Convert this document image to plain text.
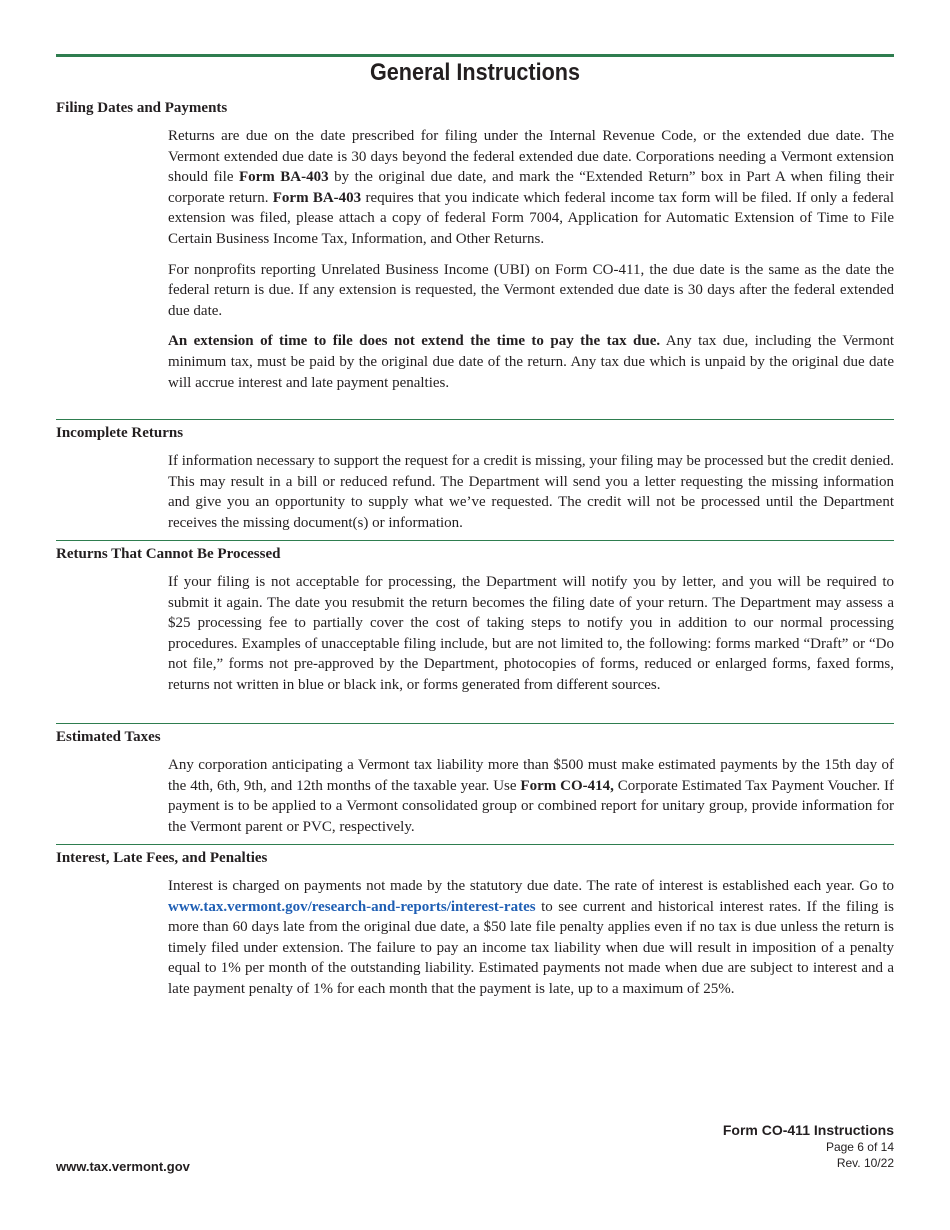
General Instructions
Filing Dates and Payments

Returns are due on the date prescribed for filing under the Internal Revenue Code, or the extended due date. The Vermont extended due date is 30 days beyond the federal extended due date. Corporations needing a Vermont extension should file Form BA-403 by the original due date, and mark the “Extended Return” box in Part A when filing their corporate return. Form BA-403 requires that you indicate which federal income tax form will be filed. If only a federal extension was filed, please attach a copy of federal Form 7004, Application for Automatic Extension of Time to File Certain Business Income Tax, Information, and Other Returns.

For nonprofits reporting Unrelated Business Income (UBI) on Form CO-411, the due date is the same as the date the federal return is due. If any extension is requested, the Vermont extended due date is 30 days after the federal extended due date.

An extension of time to file does not extend the time to pay the tax due. Any tax due, including the Vermont minimum tax, must be paid by the original due date of the return. Any tax due which is unpaid by the original due date will accrue interest and late payment penalties.

Incomplete Returns

If information necessary to support the request for a credit is missing, your filing may be processed but the credit denied. This may result in a bill or reduced refund. The Department will send you a letter requesting the missing information and give you an opportunity to supply what we’ve requested. The credit will not be processed until the Department receives the missing document(s) or information.

Returns That Cannot Be Processed

If your filing is not acceptable for processing, the Department will notify you by letter, and you will be required to submit it again. The date you resubmit the return becomes the filing date of your return. The Department may assess a $25 processing fee to partially cover the cost of taking steps to notify you in addition to our normal processing procedures. Examples of unacceptable filing include, but are not limited to, the following: forms marked “Draft” or “Do not file,” forms not pre-approved by the Department, photocopies of forms, reduced or enlarged forms, faxed forms, returns not written in blue or black ink, or forms generated from different sources.

Estimated Taxes

Any corporation anticipating a Vermont tax liability more than $500 must make estimated payments by the 15th day of the 4th, 6th, 9th, and 12th months of the taxable year. Use Form CO-414, Corporate Estimated Tax Payment Voucher. If payment is to be applied to a Vermont consolidated group or combined report for unitary group, provide information for the Vermont parent or PVC, respectively.

Interest, Late Fees, and Penalties

Interest is charged on payments not made by the statutory due date. The rate of interest is established each year. Go to www.tax.vermont.gov/research-and-reports/interest-rates to see current and historical interest rates. If the filing is more than 60 days late from the original due date, a $50 late file penalty applies even if no tax is due unless the return is timely filed under extension. The failure to pay an income tax liability when due will result in imposition of a penalty equal to 1% per month of the outstanding liability. Estimated payments not made when due are subject to interest and a late payment penalty of 1% for each month that the payment is late, up to a maximum of 25%.

Form CO-411 Instructions
Page 6 of 14
Rev. 10/22
www.tax.vermont.gov
